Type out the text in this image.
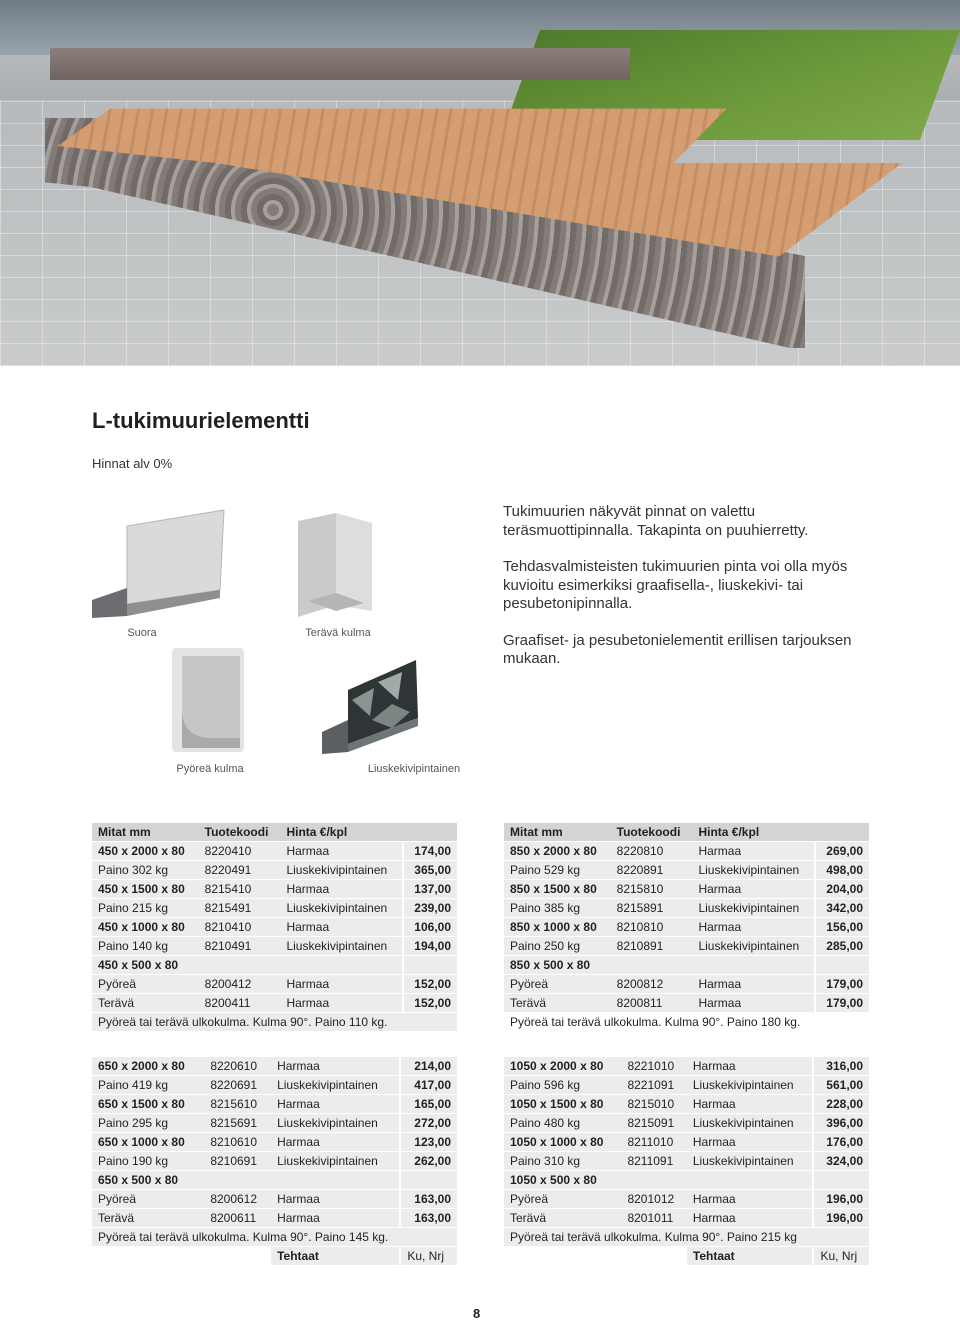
L-tukimuurielementti
Hinnat alv 0%

Tukimuurien näkyvät pinnat on valettu teräsmuottipinnalla. Takapinta on puuhierretty.

Tehdasvalmisteisten tukimuurien pinta voi olla myös kuvioitu esimerkiksi graafisella-, liuskekivi- tai pesubetonipinnalla.

Graafiset- ja pesubetonielementit erillisen tarjouksen mukaan.

Suora	Terävä kulma
Pyöreä kulma	Liuskekivipintainen
Mitat mm	Tuotekoodi	Hinta €/kpl	
450 x 2000 x 80	8220410	Harmaa	174,00
Paino 302 kg	8220491	Liuskekivipintainen	365,00
450 x 1500 x 80	8215410	Harmaa	137,00
Paino 215 kg	8215491	Liuskekivipintainen	239,00
450 x 1000 x 80	8210410	Harmaa	106,00
Paino 140 kg	8210491	Liuskekivipintainen	194,00
450 x 500 x 80			
Pyöreä	8200412	Harmaa	152,00
Terävä	8200411	Harmaa	152,00
Pyöreä tai terävä ulkokulma. Kulma 90°. Paino 110 kg.			
Mitat mm	Tuotekoodi	Hinta €/kpl	
850 x 2000 x 80	8220810	Harmaa	269,00
Paino 529 kg	8220891	Liuskekivipintainen	498,00
850 x 1500 x 80	8215810	Harmaa	204,00
Paino 385 kg	8215891	Liuskekivipintainen	342,00
850 x 1000 x 80	8210810	Harmaa	156,00
Paino 250 kg	8210891	Liuskekivipintainen	285,00
850 x 500 x 80			
Pyöreä	8200812	Harmaa	179,00
Terävä	8200811	Harmaa	179,00
Pyöreä tai terävä ulkokulma. Kulma 90°. Paino 180 kg.			
650 x 2000 x 80	8220610	Harmaa	214,00
Paino 419 kg	8220691	Liuskekivipintainen	417,00
650 x 1500 x 80	8215610	Harmaa	165,00
Paino 295 kg	8215691	Liuskekivipintainen	272,00
650 x 1000 x 80	8210610	Harmaa	123,00
Paino 190 kg	8210691	Liuskekivipintainen	262,00
650 x 500 x 80			
Pyöreä	8200612	Harmaa	163,00
Terävä	8200611	Harmaa	163,00
Pyöreä tai terävä ulkokulma. Kulma 90°. Paino 145 kg.			
		Tehtaat	Ku, Nrj
1050 x 2000 x 80	8221010	Harmaa	316,00
Paino 596 kg	8221091	Liuskekivipintainen	561,00
1050 x 1500 x 80	8215010	Harmaa	228,00
Paino 480 kg	8215091	Liuskekivipintainen	396,00
1050 x 1000 x 80	8211010	Harmaa	176,00
Paino 310 kg	8211091	Liuskekivipintainen	324,00
1050 x 500 x 80			
Pyöreä	8201012	Harmaa	196,00
Terävä	8201011	Harmaa	196,00
Pyöreä tai terävä ulkokulma. Kulma 90°. Paino 215 kg			
		Tehtaat	Ku, Nrj
8
